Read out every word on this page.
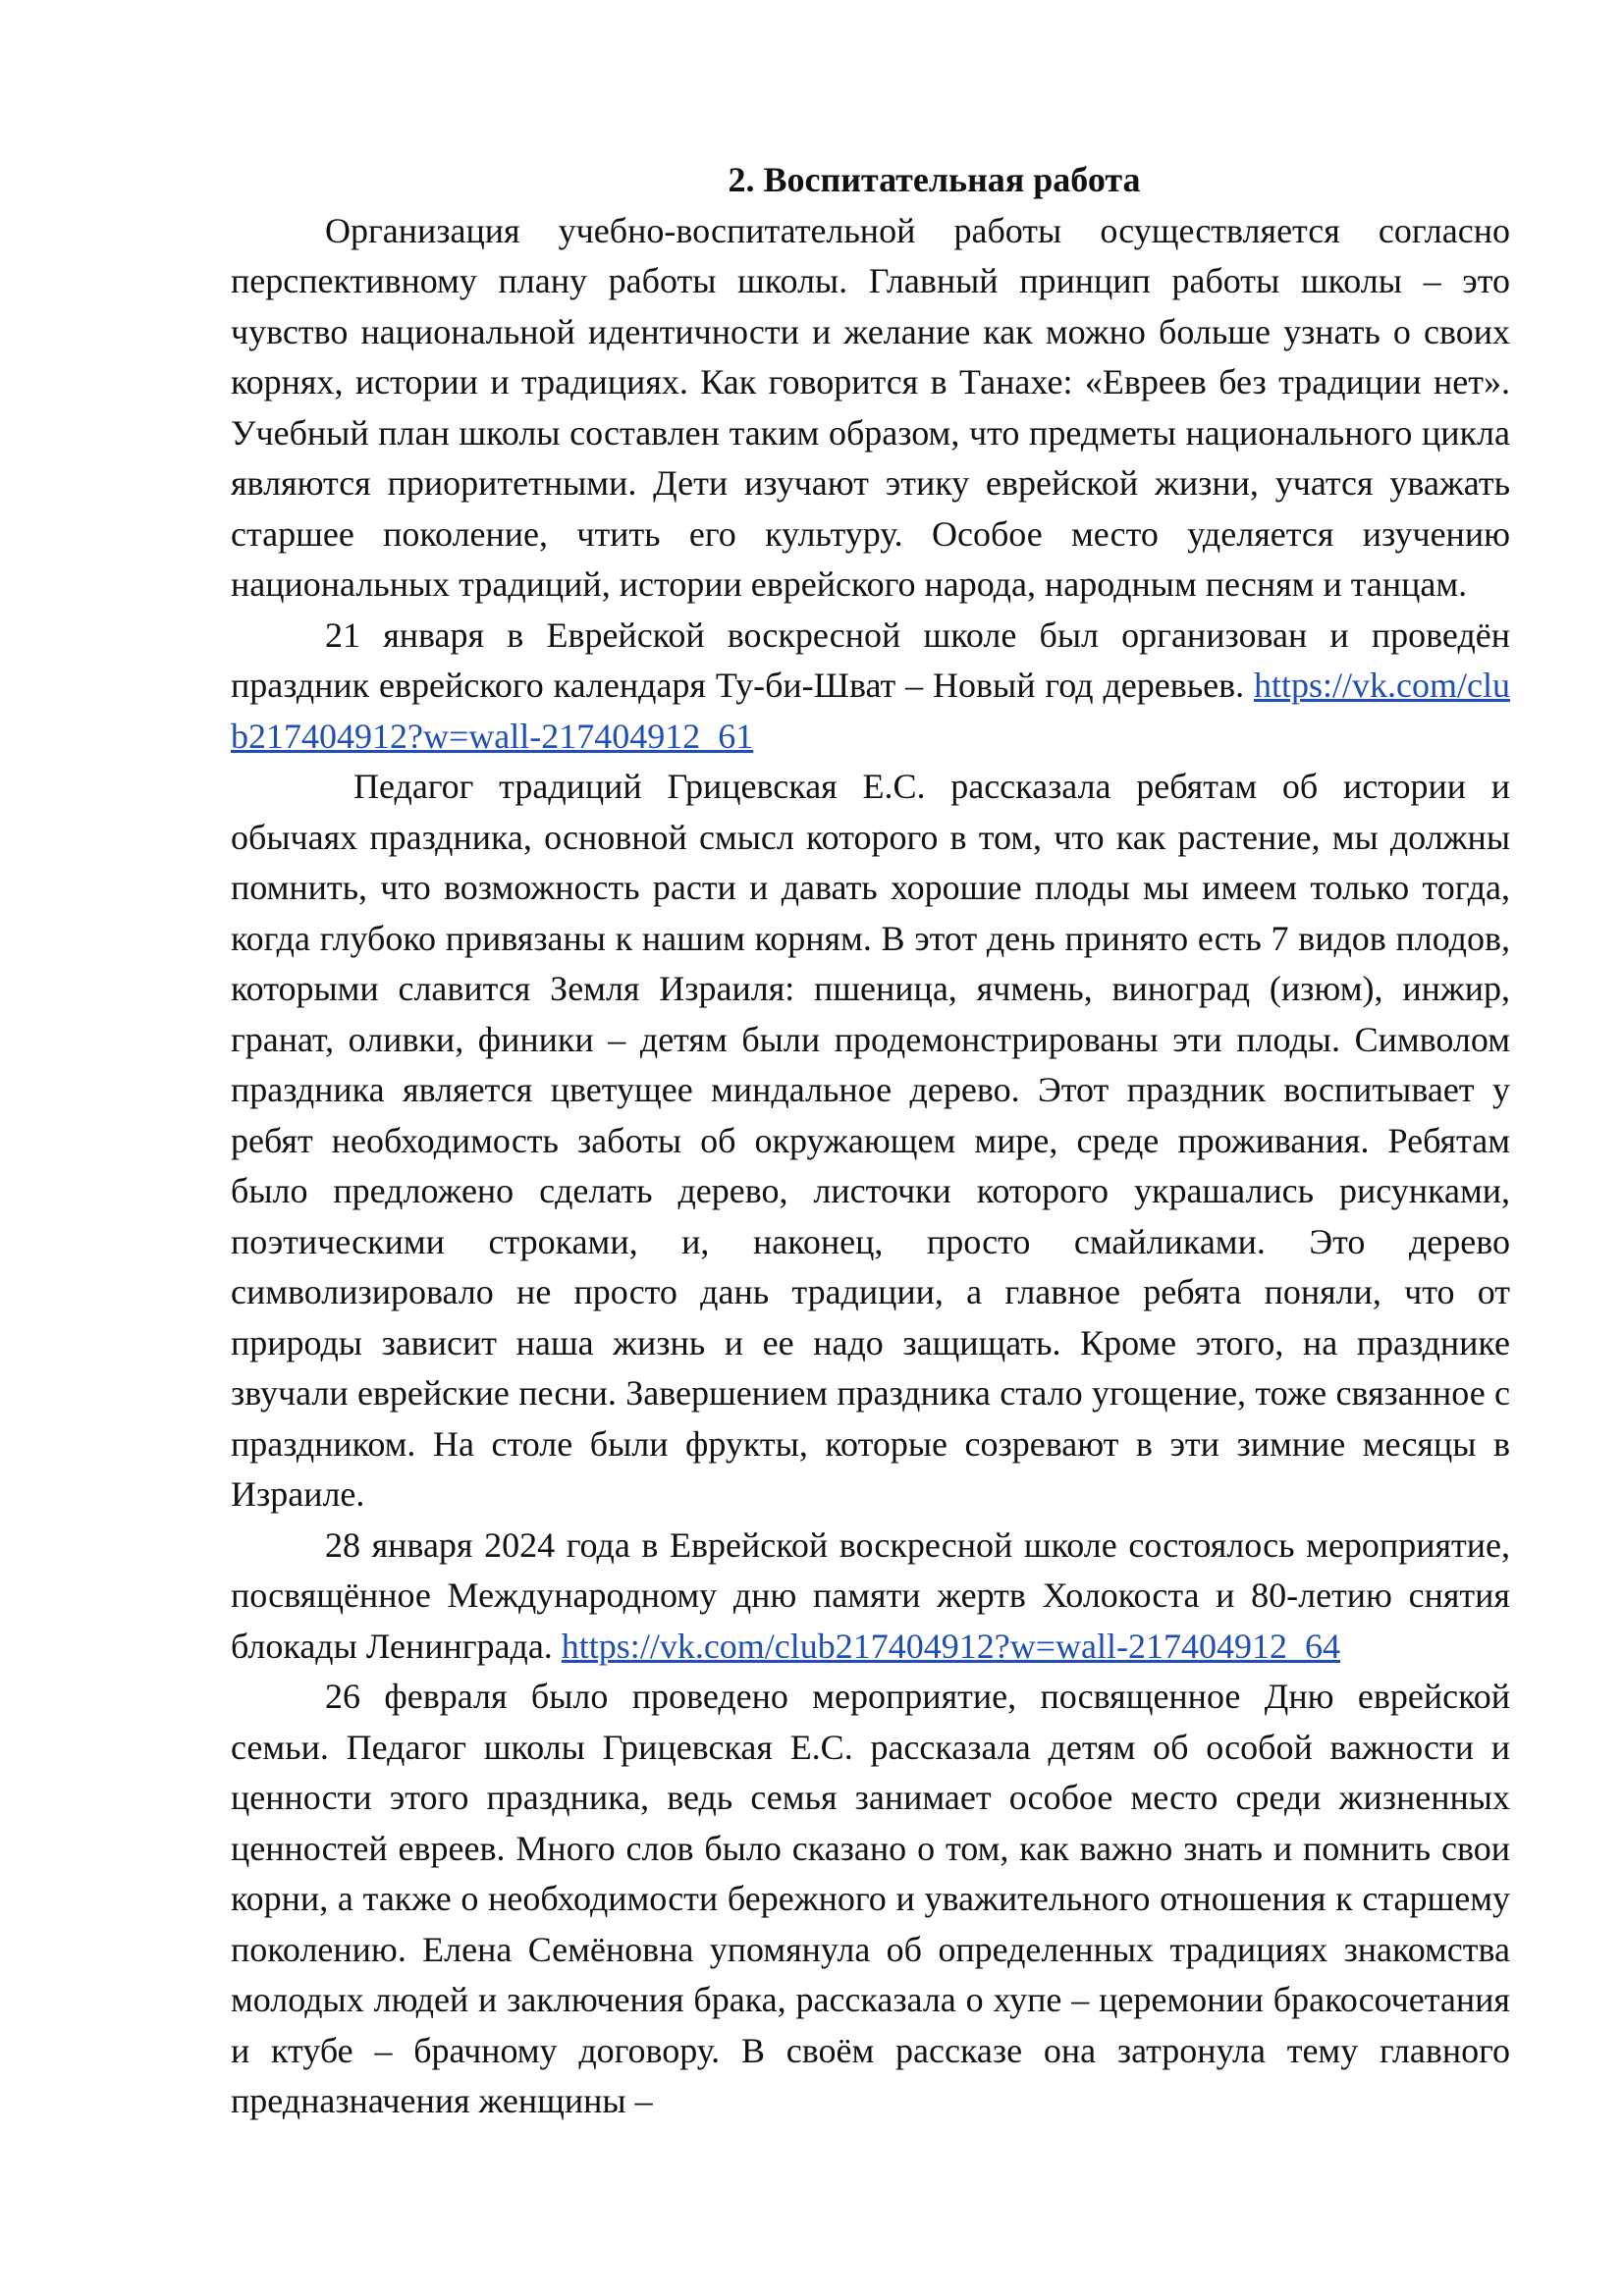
2. Воспитательная работа

Организация учебно-воспитательной работы осуществляется согласно перспективному плану работы школы. Главный принцип работы школы – это чувство национальной идентичности и желание как можно больше узнать о своих корнях, истории и традициях. Как говорится в Танахе: «Евреев без традиции нет». Учебный план школы составлен таким образом, что предметы национального цикла являются приоритетными. Дети изучают этику еврейской жизни, учатся уважать старшее поколение, чтить его культуру. Особое место уделяется изучению национальных традиций, истории еврейского народа, народным песням и танцам.

21 января в Еврейской воскресной школе был организован и проведён праздник еврейского календаря Ту-би-Шват – Новый год деревьев. https://vk.com/club217404912?w=wall-217404912_61

Педагог традиций Грицевская Е.С. рассказала ребятам об истории и обычаях праздника, основной смысл которого в том, что как растение, мы должны помнить, что возможность расти и давать хорошие плоды мы имеем только тогда, когда глубоко привязаны к нашим корням. В этот день принято есть 7 видов плодов, которыми славится Земля Израиля: пшеница, ячмень, виноград (изюм), инжир, гранат, оливки, финики – детям были продемонстрированы эти плоды. Символом праздника является цветущее миндальное дерево. Этот праздник воспитывает у ребят необходимость заботы об окружающем мире, среде проживания. Ребятам было предложено сделать дерево, листочки которого украшались рисунками, поэтическими строками, и, наконец, просто смайликами. Это дерево символизировало не просто дань традиции, а главное ребята поняли, что от природы зависит наша жизнь и ее надо защищать. Кроме этого, на празднике звучали еврейские песни. Завершением праздника стало угощение, тоже связанное с праздником. На столе были фрукты, которые созревают в эти зимние месяцы в Израиле.

28 января 2024 года в Еврейской воскресной школе состоялось мероприятие, посвящённое Международному дню памяти жертв Холокоста и 80-летию снятия блокады Ленинграда. https://vk.com/club217404912?w=wall-217404912_64

26 февраля было проведено мероприятие, посвященное Дню еврейской семьи. Педагог школы Грицевская Е.С. рассказала детям об особой важности и ценности этого праздника, ведь семья занимает особое место среди жизненных ценностей евреев. Много слов было сказано о том, как важно знать и помнить свои корни, а также о необходимости бережного и уважительного отношения к старшему поколению. Елена Семёновна упомянула об определенных традициях знакомства молодых людей и заключения брака, рассказала о хупе – церемонии бракосочетания и ктубе – брачному договору. В своём рассказе она затронула тему главного предназначения женщины –
